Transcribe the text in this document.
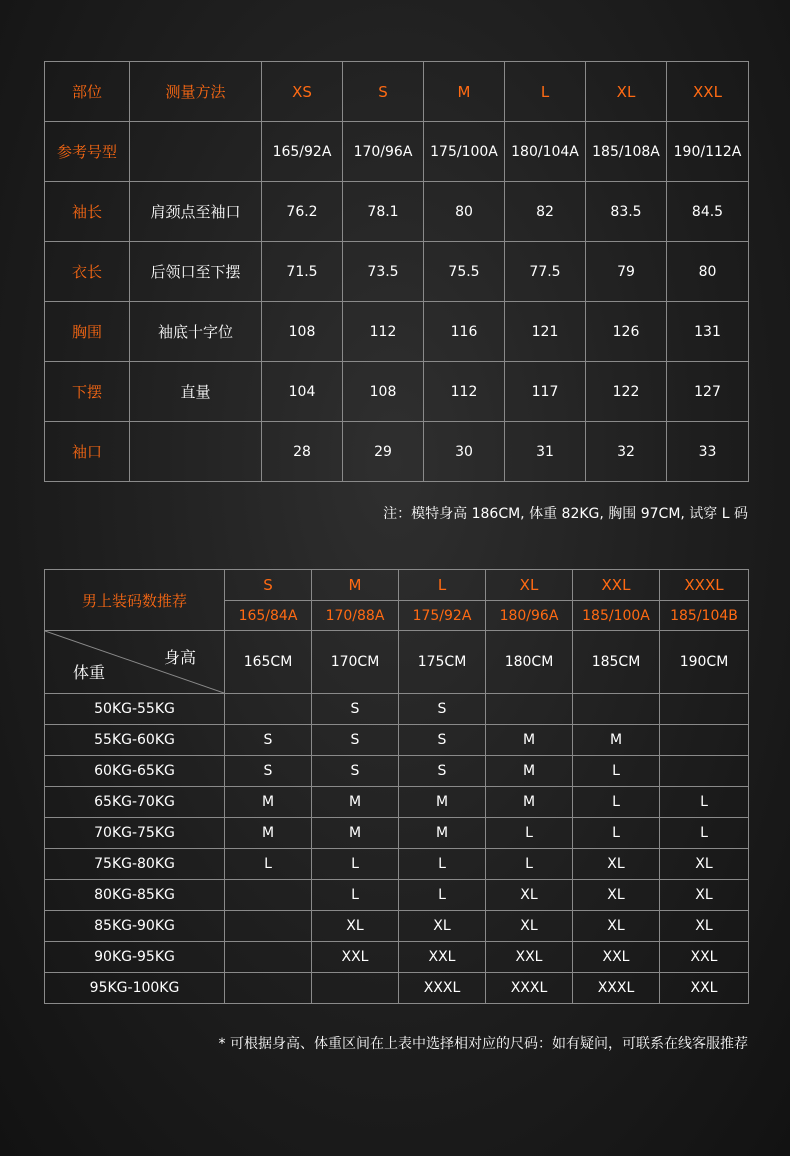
部位	测量方法	XS	S	M	L	XL	XXL
参考号型		165/92A	170/96A	175/100A	180/104A	185/108A	190/112A
袖长	肩颈点至袖口	76.2	78.1	80	82	83.5	84.5
衣长	后领口至下摆	71.5	73.5	75.5	77.5	79	80
胸围	袖底十字位	108	112	116	121	126	131
下摆	直量	104	108	112	117	122	127
袖口		28	29	30	31	32	33
注：模特身高 186CM, 体重 82KG, 胸围 97CM, 试穿 L 码
男上装码数推荐	S	M	L	XL	XXL	XXXL
	165/84A	170/88A	175/92A	180/96A	185/100A	185/104B

身高
体重	165CM	170CM	175CM	180CM	185CM	190CM
50KG-55KG		S	S			
55KG-60KG	S	S	S	M	M	
60KG-65KG	S	S	S	M	L	
65KG-70KG	M	M	M	M	L	L
70KG-75KG	M	M	M	L	L	L
75KG-80KG	L	L	L	L	XL	XL
80KG-85KG		L	L	XL	XL	XL
85KG-90KG		XL	XL	XL	XL	XL
90KG-95KG		XXL	XXL	XXL	XXL	XXL
95KG-100KG			XXXL	XXXL	XXXL	XXL
* 可根据身高、体重区间在上表中选择相对应的尺码：如有疑问，可联系在线客服推荐
